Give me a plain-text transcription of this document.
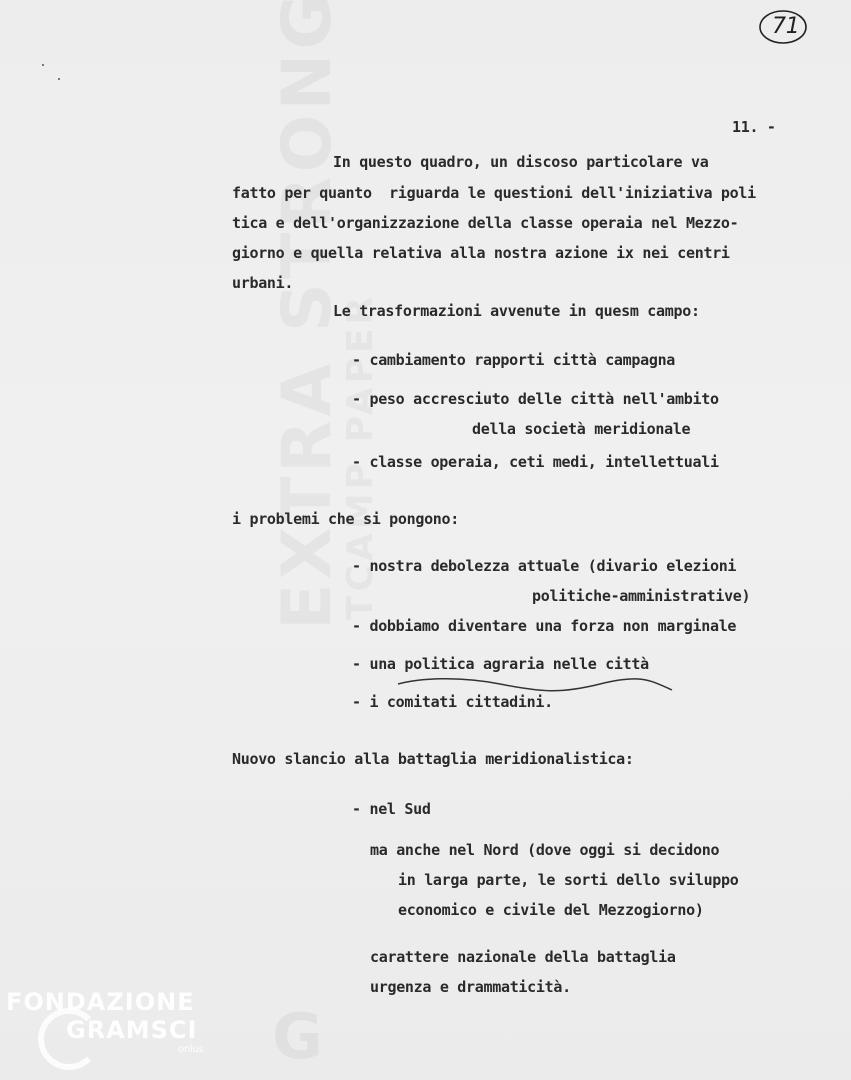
71
11. -
In questo quadro, un discoso particolare va
fatto per quanto  riguarda le questioni dell'iniziativa poli
tica e dell'organizzazione della classe operaia nel Mezzo-
giorno e quella relativa alla nostra azione ix nei centri
urbani.
Le trasformazioni avvenute in quesm campo:
- cambiamento rapporti città campagna
- peso accresciuto delle città nell'ambito
della società meridionale
- classe operaia, ceti medi, intellettuali
i problemi che si pongono:
- nostra debolezza attuale (divario elezioni
politiche-amministrative)
- dobbiamo diventare una forza non marginale
- una politica agraria nelle città
- i comitati cittadini.
Nuovo slancio alla battaglia meridionalistica:
- nel Sud
ma anche nel Nord (dove oggi si decidono
in larga parte, le sorti dello sviluppo
economico e civile del Mezzogiorno)
carattere nazionale della battaglia
urgenza e drammaticità.
FONDAZIONE
GRAMSCI
onlus
